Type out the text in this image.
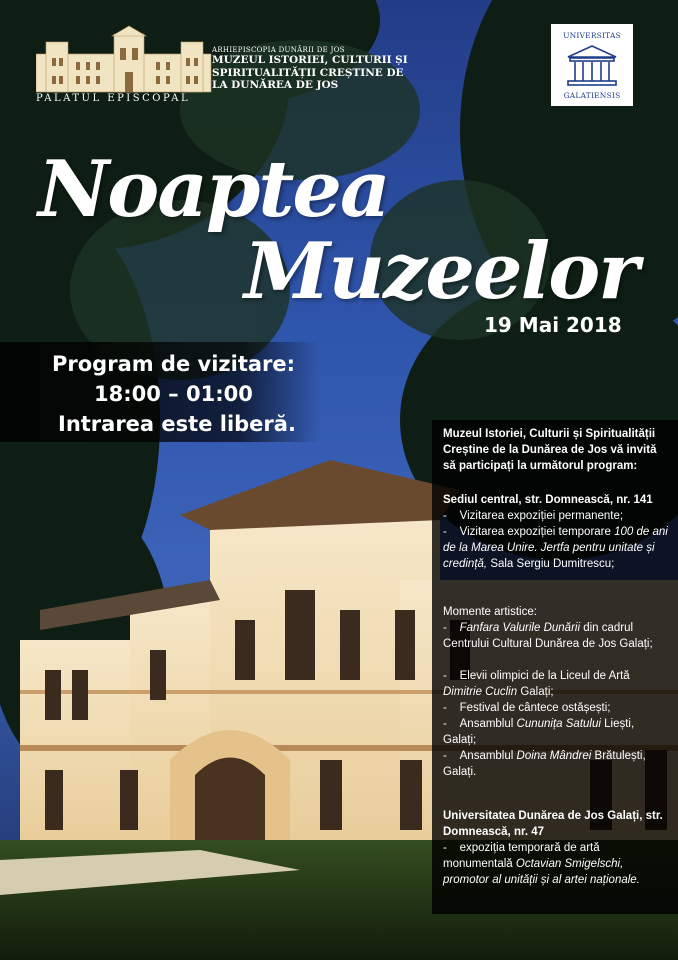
ARHIEPISCOPIA DUNĂRII DE JOS
MUZEUL ISTORIEI, CULTURII ȘI SPIRITUALITĂȚII CREȘTINE DE LA DUNĂREA DE JOS
PALATUL EPISCOPAL
UNIVERSITAS
GALATIENSIS
Noaptea
Muzeelor
19 Mai 2018
Program de vizitare:
18:00 – 01:00
Intrarea este liberă.	Muzeul Istoriei, Culturii și Spiritualității Creștine de la Dunărea de Jos vă invită să participați la următorul program:
Sediul central, str. Domnească, nr. 141
-    Vizitarea expoziției permanente;
-    Vizitarea expoziției temporare 100 de ani de la Marea Unire. Jertfa pentru unitate și credință, Sala Sergiu Dumitrescu;
Momente artistice:
-    Fanfara Valurile Dunării din cadrul Centrului Cultural Dunărea de Jos Galați;
-    Elevii olimpici de la Liceul de Artă Dimitrie Cuclin Galați;
-    Festival de cântece ostășești;
-    Ansamblul Cununița Satului Liești, Galați;
-    Ansamblul Doina Mândrei Brătulești, Galați.
Universitatea Dunărea de Jos Galați, str. Domnească, nr. 47
-    expoziția temporară de artă monumentală Octavian Smigelschi, promotor al unității și al artei naționale.
